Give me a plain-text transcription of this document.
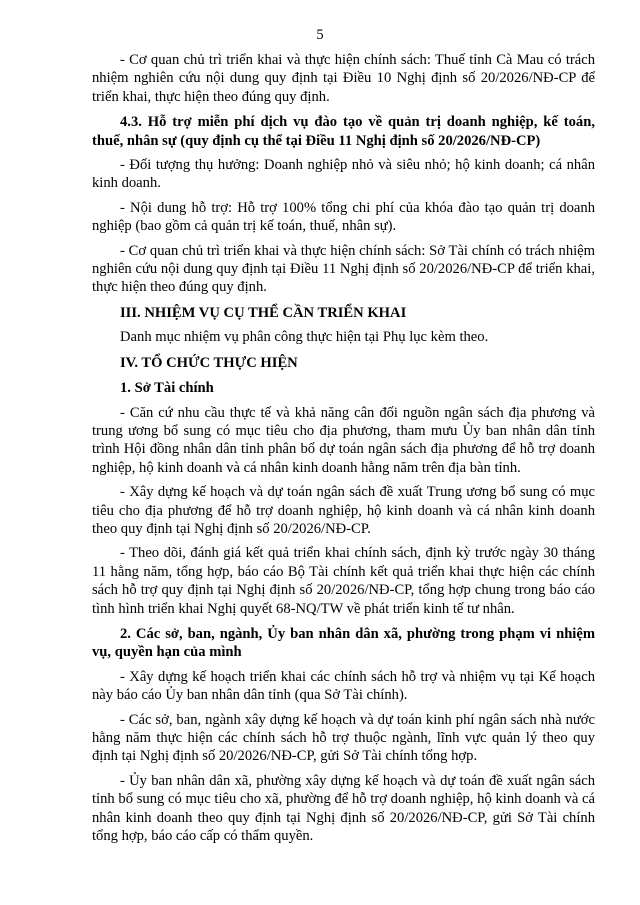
5

- Cơ quan chủ trì triển khai và thực hiện chính sách: Thuế tỉnh Cà Mau có trách nhiệm nghiên cứu nội dung quy định tại Điều 10 Nghị định số 20/2026/NĐ-CP để triển khai, thực hiện theo đúng quy định.

4.3. Hỗ trợ miễn phí dịch vụ đào tạo về quản trị doanh nghiệp, kế toán, thuế, nhân sự (quy định cụ thể tại Điều 11 Nghị định số 20/2026/NĐ-CP)

- Đối tượng thụ hưởng: Doanh nghiệp nhỏ và siêu nhỏ; hộ kinh doanh; cá nhân kinh doanh.

- Nội dung hỗ trợ: Hỗ trợ 100% tổng chi phí của khóa đào tạo quản trị doanh nghiệp (bao gồm cả quản trị kế toán, thuế, nhân sự).

- Cơ quan chủ trì triển khai và thực hiện chính sách: Sở Tài chính có trách nhiệm nghiên cứu nội dung quy định tại Điều 11 Nghị định số 20/2026/NĐ-CP để triển khai, thực hiện theo đúng quy định.

III. NHIỆM VỤ CỤ THỂ CẦN TRIỂN KHAI

Danh mục nhiệm vụ phân công thực hiện tại Phụ lục kèm theo.

IV. TỔ CHỨC THỰC HIỆN

1. Sở Tài chính

- Căn cứ nhu cầu thực tế và khả năng cân đối nguồn ngân sách địa phương và trung ương bổ sung có mục tiêu cho địa phương, tham mưu Ủy ban nhân dân tỉnh trình Hội đồng nhân dân tỉnh phân bổ dự toán ngân sách địa phương để hỗ trợ doanh nghiệp, hộ kinh doanh và cá nhân kinh doanh hằng năm trên địa bàn tỉnh.

- Xây dựng kế hoạch và dự toán ngân sách đề xuất Trung ương bổ sung có mục tiêu cho địa phương để hỗ trợ doanh nghiệp, hộ kinh doanh và cá nhân kinh doanh theo quy định tại Nghị định số 20/2026/NĐ-CP.

- Theo dõi, đánh giá kết quả triển khai chính sách, định kỳ trước ngày 30 tháng 11 hằng năm, tổng hợp, báo cáo Bộ Tài chính kết quả triển khai thực hiện các chính sách hỗ trợ quy định tại Nghị định số 20/2026/NĐ-CP, tổng hợp chung trong báo cáo tình hình triển khai Nghị quyết 68-NQ/TW về phát triển kinh tế tư nhân.

2. Các sở, ban, ngành, Ủy ban nhân dân xã, phường trong phạm vi nhiệm vụ, quyền hạn của mình

- Xây dựng kế hoạch triển khai các chính sách hỗ trợ và nhiệm vụ tại Kế hoạch này báo cáo Ủy ban nhân dân tỉnh (qua Sở Tài chính).

- Các sở, ban, ngành xây dựng kế hoạch và dự toán kinh phí ngân sách nhà nước hằng năm thực hiện các chính sách hỗ trợ thuộc ngành, lĩnh vực quản lý theo quy định tại Nghị định số 20/2026/NĐ-CP, gửi Sở Tài chính tổng hợp.

- Ủy ban nhân dân xã, phường xây dựng kế hoạch và dự toán đề xuất ngân sách tỉnh bổ sung có mục tiêu cho xã, phường để hỗ trợ doanh nghiệp, hộ kinh doanh và cá nhân kinh doanh theo quy định tại Nghị định số 20/2026/NĐ-CP, gửi Sở Tài chính tổng hợp, báo cáo cấp có thẩm quyền.
